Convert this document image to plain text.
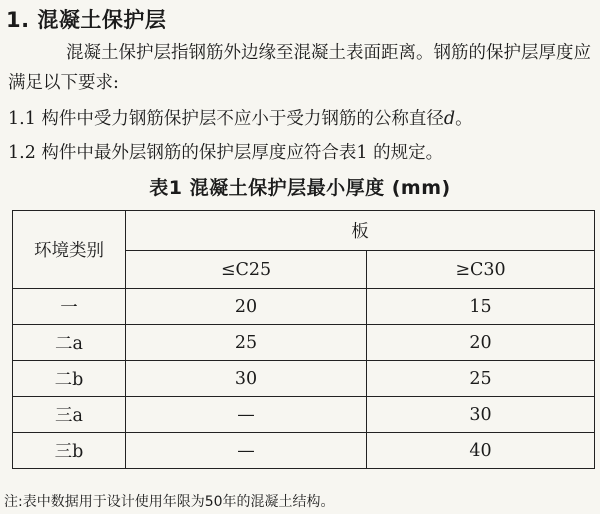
1. 混凝土保护层
混凝土保护层指钢筋外边缘至混凝土表面距离。钢筋的保护层厚度应满足以下要求:
1.1 构件中受力钢筋保护层不应小于受力钢筋的公称直径d。
1.2 构件中最外层钢筋的保护层厚度应符合表1 的规定。
表1 混凝土保护层最小厚度 (mm)
环境类别	板	
	≤C25	≥C30
一	20	15
二a	25	20
二b	30	25
三a	—	30
三b	—	40
注:表中数据用于设计使用年限为50年的混凝土结构。
